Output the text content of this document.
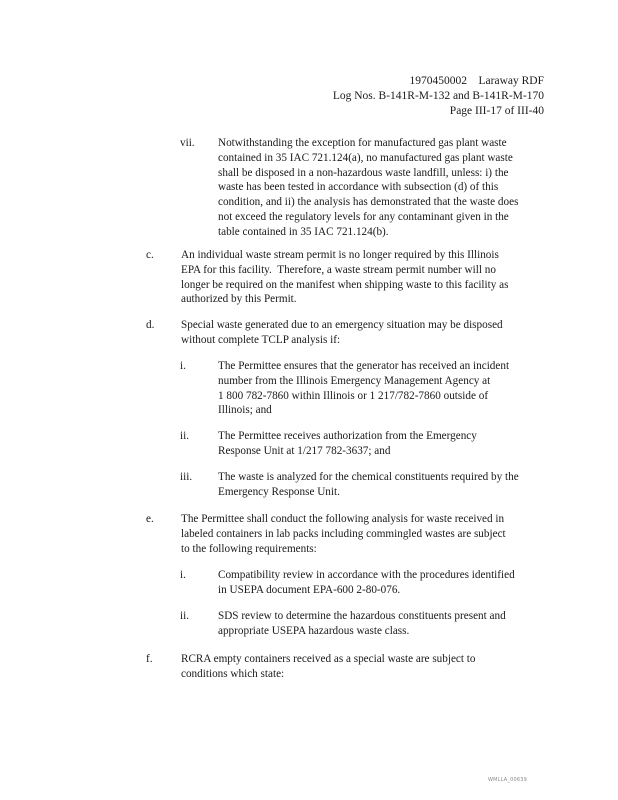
1970450002    Laraway RDF
Log Nos. B-141R-M-132 and B-141R-M-170
Page III-17 of III-40
vii. Notwithstanding the exception for manufactured gas plant waste

contained in 35 IAC 721.124(a), no manufactured gas plant waste

shall be disposed in a non-hazardous waste landfill, unless: i) the

waste has been tested in accordance with subsection (d) of this

condition, and ii) the analysis has demonstrated that the waste does

not exceed the regulatory levels for any contaminant given in the

table contained in 35 IAC 721.124(b).

c. An individual waste stream permit is no longer required by this Illinois

EPA for this facility.  Therefore, a waste stream permit number will no

longer be required on the manifest when shipping waste to this facility as

authorized by this Permit.

d. Special waste generated due to an emergency situation may be disposed

without complete TCLP analysis if:

i.	The Permittee ensures that the generator has received an incident

number from the Illinois Emergency Management Agency at

1 800 782-7860 within Illinois or 1 217/782-7860 outside of

Illinois; and

ii.	The Permittee receives authorization from the Emergency

Response Unit at 1/217 782-3637; and

iii. The waste is analyzed for the chemical constituents required by the

Emergency Response Unit.

e. The Permittee shall conduct the following analysis for waste received in

labeled containers in lab packs including commingled wastes are subject

to the following requirements:

i.	Compatibility review in accordance with the procedures identified

in USEPA document EPA-600 2-80-076.

ii.	SDS review to determine the hazardous constituents present and

appropriate USEPA hazardous waste class.

f.	RCRA empty containers received as a special waste are subject to

conditions which state:

WMLLA_00639
